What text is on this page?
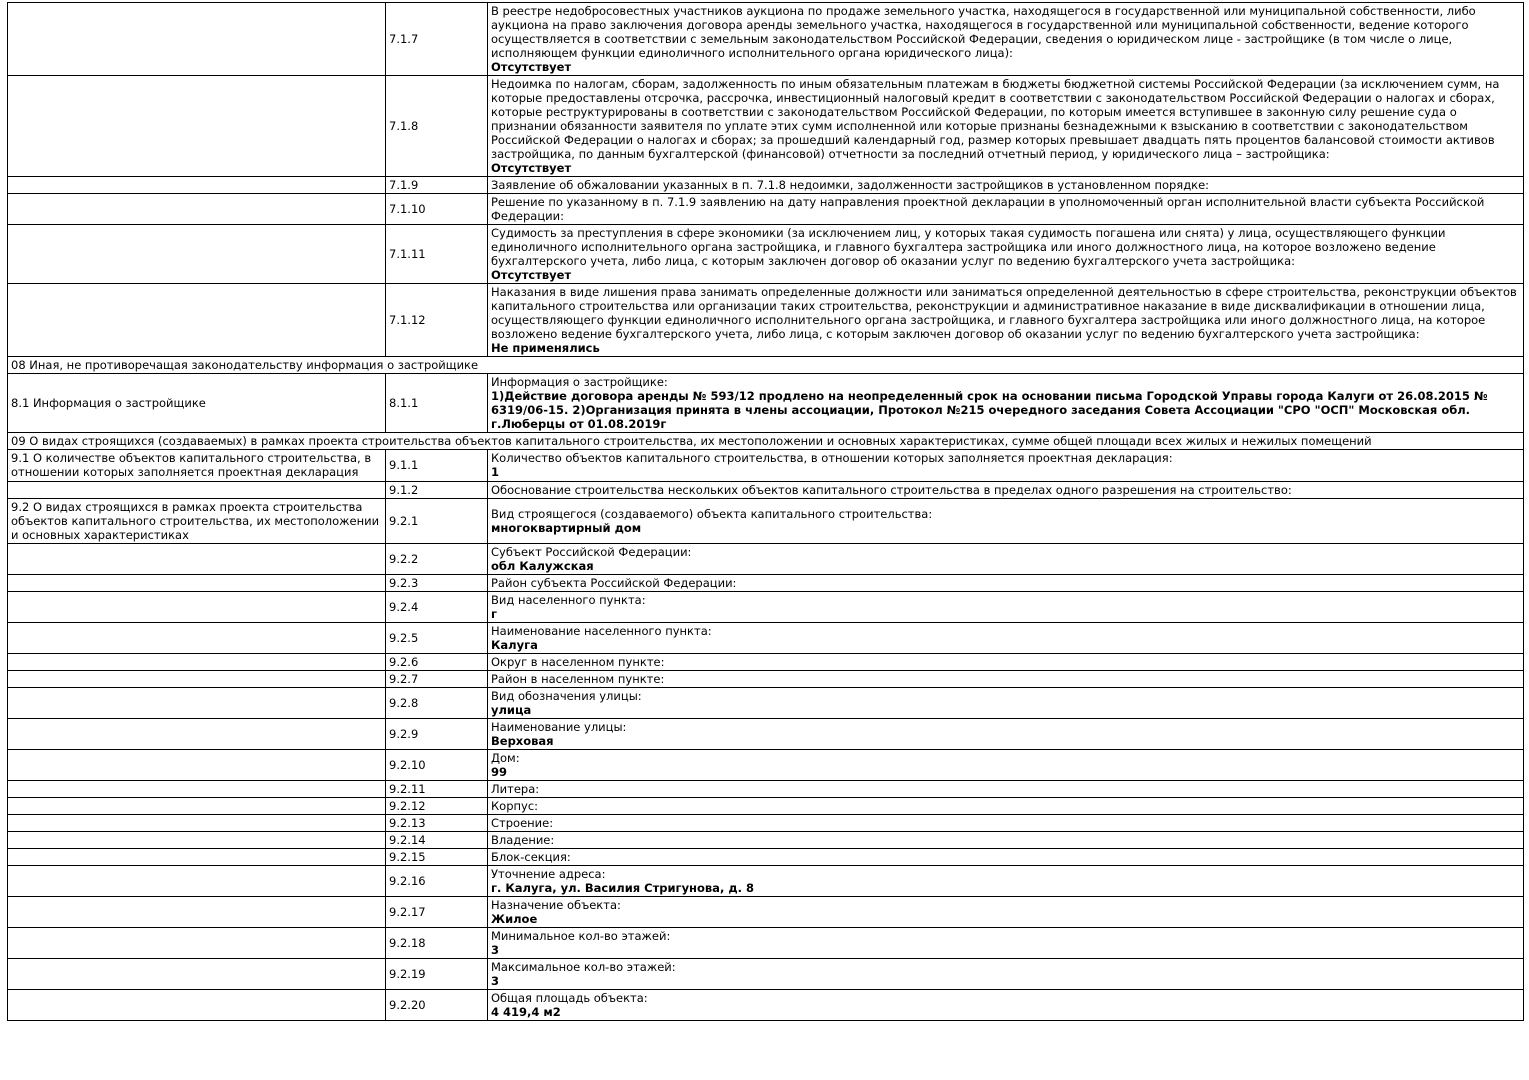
	7.1.7	В реестре недобросовестных участников аукциона по продаже земельного участка, находящегося в государственной или муниципальной собственности, либо аукциона на право заключения договора аренды земельного участка, находящегося в государственной или муниципальной собственности, ведение которого осуществляется в соответствии с земельным законодательством Российской Федерации, сведения о юридическом лице - застройщике (в том числе о лице, исполняющем функции единоличного исполнительного органа юридического лица):
Отсутствует

	7.1.8	Недоимка по налогам, сборам, задолженность по иным обязательным платежам в бюджеты бюджетной системы Российской Федерации (за исключением сумм, на которые предоставлены отсрочка, рассрочка, инвестиционный налоговый кредит в соответствии с законодательством Российской Федерации о налогах и сборах, которые реструктурированы в соответствии с законодательством Российской Федерации, по которым имеется вступившее в законную силу решение суда о признании обязанности заявителя по уплате этих сумм исполненной или которые признаны безнадежными к взысканию в соответствии с законодательством Российской Федерации о налогах и сборах; за прошедший календарный год, размер которых превышает двадцать пять процентов балансовой стоимости активов застройщика, по данным бухгалтерской (финансовой) отчетности за последний отчетный период, у юридического лица – застройщика:
Отсутствует

	7.1.9	Заявление об обжаловании указанных в п. 7.1.8 недоимки, задолженности застройщиков в установленном порядке:

	7.1.10	Решение по указанному в п. 7.1.9 заявлению на дату направления проектной декларации в уполномоченный орган исполнительной власти субъекта Российской Федерации:

	7.1.11	Судимость за преступления в сфере экономики (за исключением лиц, у которых такая судимость погашена или снята) у лица, осуществляющего функции единоличного исполнительного органа застройщика, и главного бухгалтера застройщика или иного должностного лица, на которое возложено ведение бухгалтерского учета, либо лица, с которым заключен договор об оказании услуг по ведению бухгалтерского учета застройщика:
Отсутствует

	7.1.12	Наказания в виде лишения права занимать определенные должности или заниматься определенной деятельностью в сфере строительства, реконструкции объектов капитального строительства или организации таких строительства, реконструкции и административное наказание в виде дисквалификации в отношении лица, осуществляющего функции единоличного исполнительного органа застройщика, и главного бухгалтера застройщика или иного должностного лица, на которое возложено ведение бухгалтерского учета, либо лица, с которым заключен договор об оказании услуг по ведению бухгалтерского учета застройщика:
Не применялись

08 Иная, не противоречащая законодательству информация о застройщике		
8.1 Информация о застройщике	8.1.1	Информация о застройщике:
1)Действие договора аренды № 593/12 продлено на неопределенный срок на основании письма Городской Управы города Калуги от 26.08.2015 № 6319/06-15. 2)Организация принята в члены ассоциации, Протокол №215 очередного заседания Совета Ассоциации "СРО "ОСП" Московская обл. г.Люберцы от 01.08.2019г

09 О видах строящихся (создаваемых) в рамках проекта строительства объектов капитального строительства, их местоположении и основных характеристиках, сумме общей площади всех жилых и нежилых помещений		
9.1 О количестве объектов капитального строительства, в отношении которых заполняется проектная декларация	9.1.1	Количество объектов капитального строительства, в отношении которых заполняется проектная декларация:
1

	9.1.2	Обоснование строительства нескольких объектов капитального строительства в пределах одного разрешения на строительство:

9.2 О видах строящихся в рамках проекта строительства объектов капитального строительства, их местоположении и основных характеристиках	9.2.1	Вид строящегося (создаваемого) объекта капитального строительства:
многоквартирный дом

	9.2.2	Субъект Российской Федерации:
обл Калужская

	9.2.3	Район субъекта Российской Федерации:

	9.2.4	Вид населенного пункта:
г

	9.2.5	Наименование населенного пункта:
Калуга

	9.2.6	Округ в населенном пункте:

	9.2.7	Район в населенном пункте:

	9.2.8	Вид обозначения улицы:
улица

	9.2.9	Наименование улицы:
Верховая

	9.2.10	Дом:
99

	9.2.11	Литера:

	9.2.12	Корпус:

	9.2.13	Строение:

	9.2.14	Владение:

	9.2.15	Блок-секция:

	9.2.16	Уточнение адреса:
г. Калуга, ул. Василия Стригунова, д. 8

	9.2.17	Назначение объекта:
Жилое

	9.2.18	Минимальное кол-во этажей:
3

	9.2.19	Максимальное кол-во этажей:
3

	9.2.20	Общая площадь объекта:
4 419,4 м2
